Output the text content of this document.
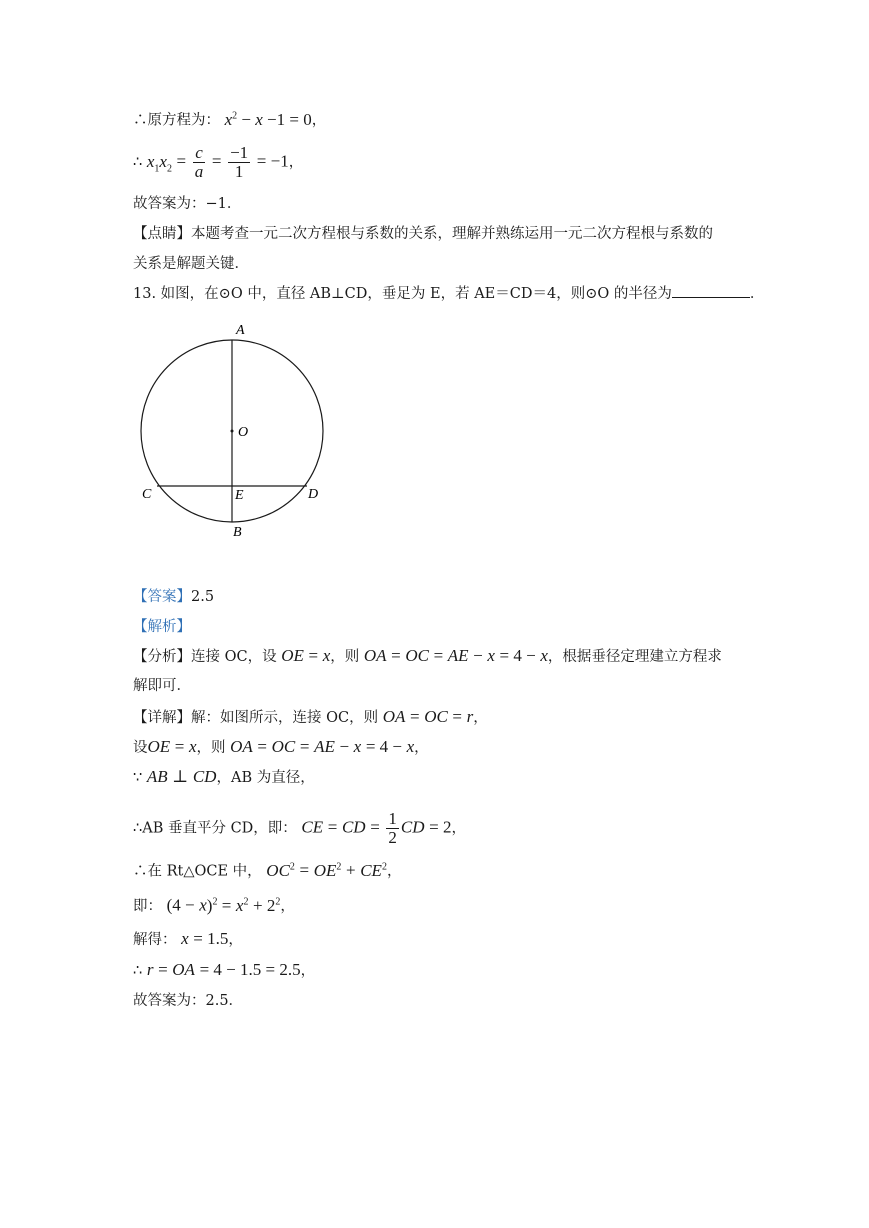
∴原方程为： $x^2 - x -1 = 0$，
∴ $x_1x_2 = \frac{c}{a} = \frac{-1}{1} = -1$，
故答案为：−1．
【点睛】本题考查一元二次方程根与系数的关系，理解并熟练运用一元二次方程根与系数的
关系是解题关键．
13. 如图，在⊙O 中，直径 AB⊥CD，垂足为 E，若 AE＝CD＝4，则⊙O 的半径为	．
A
O
C	E	D
B
【答案】2.5
【解析】
【分析】连接 OC，设 OE = x，则 OA = OC = AE − x = 4 − x，根据垂径定理建立方程求
解即可．
【详解】解：如图所示，连接 OC，则 OA = OC = r，
设OE = x，则 OA = OC = AE − x = 4 − x，
∵ AB ⊥ CD，AB 为直径，
∴AB 垂直平分 CD，即： CE = CD = $\frac{1}{2}$ CD = 2，
∴在 Rt△OCE 中， $OC^2 = OE^2 + CE^2$，
即： $(4 - x)^2 = x^2 + 2^2$，
解得： x = 1.5，
∴ r = OA = 4 − 1.5 = 2.5，
故答案为：2.5．
